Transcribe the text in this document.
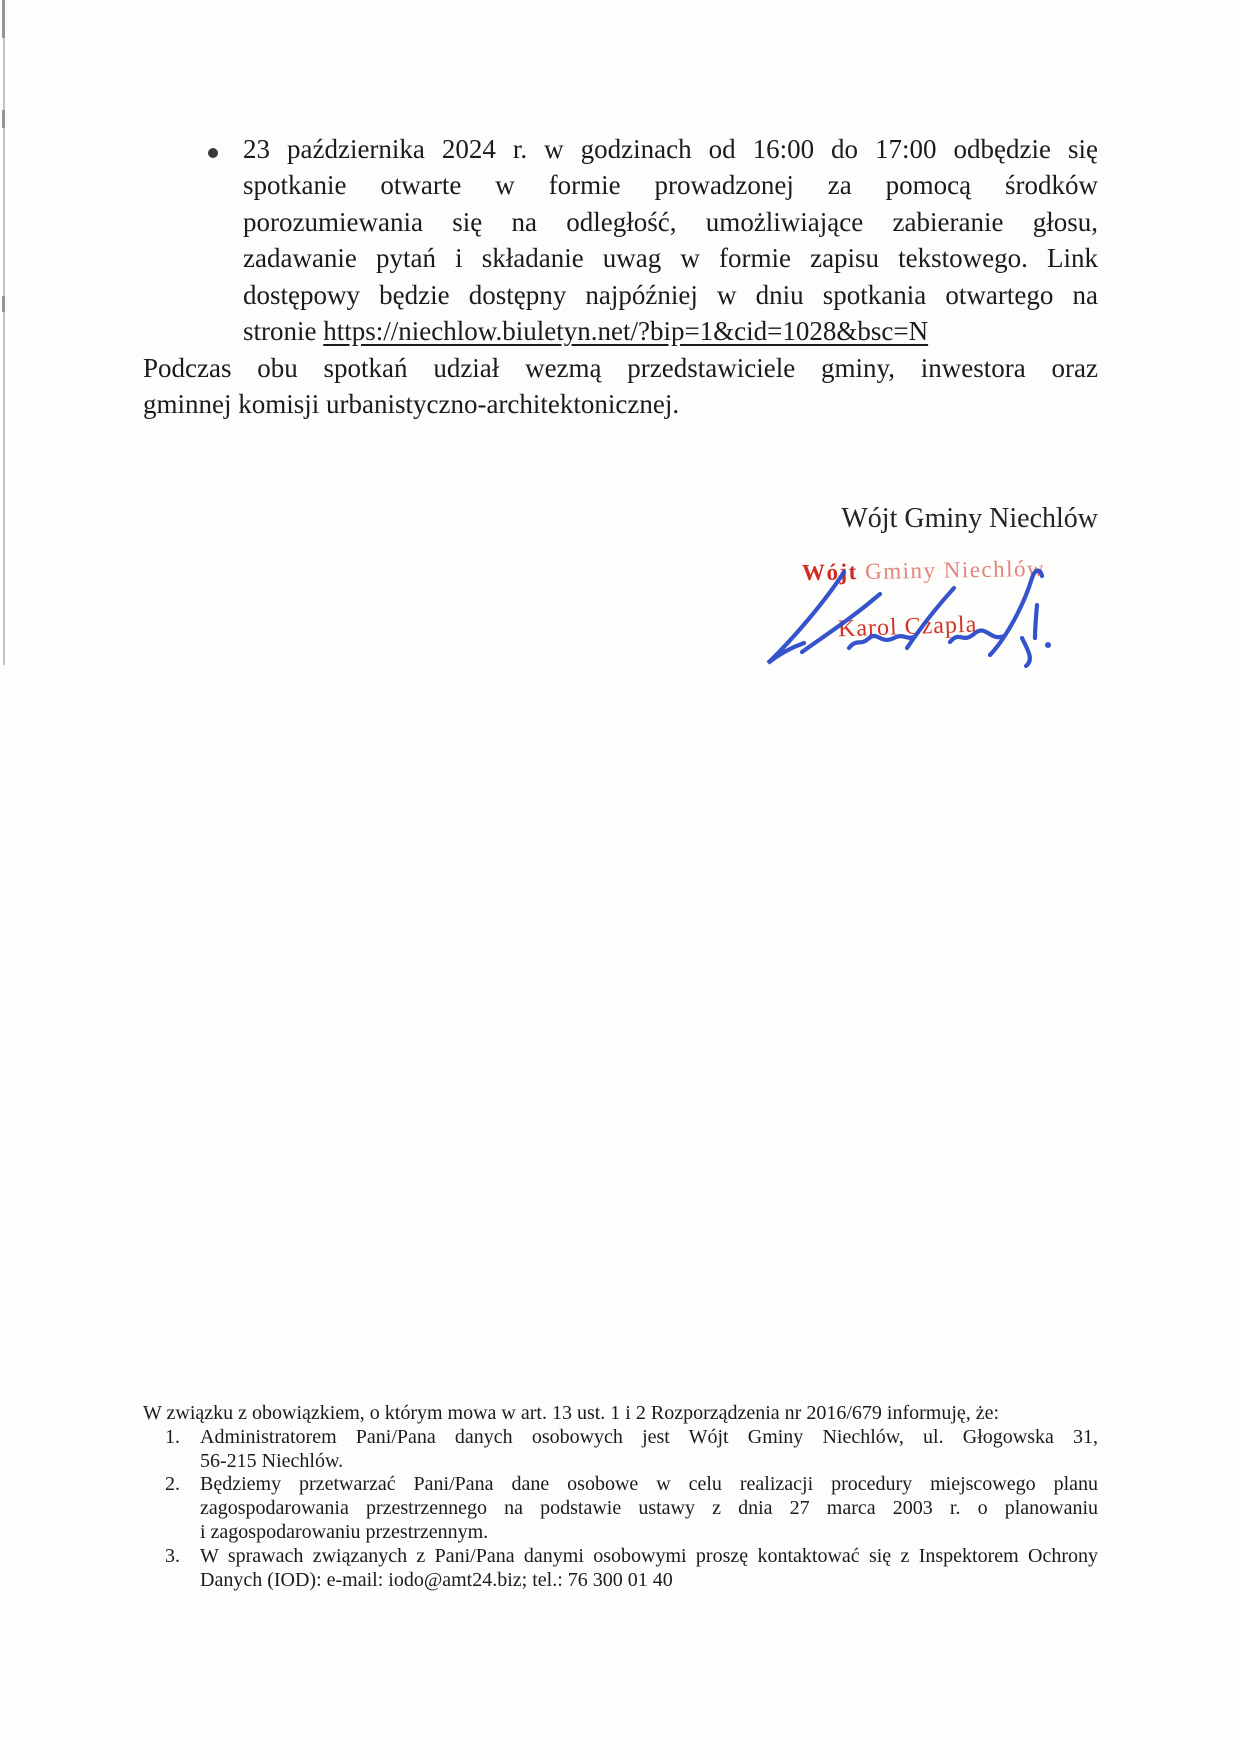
23 października 2024 r. w godzinach od 16:00 do 17:00 odbędzie się
spotkanie otwarte w formie prowadzonej za pomocą środków
porozumiewania się na odległość, umożliwiające zabieranie głosu,
zadawanie pytań i składanie uwag w formie zapisu tekstowego. Link
dostępowy będzie dostępny najpóźniej w dniu spotkania otwartego na
stronie https://niechlow.biuletyn.net/?bip=1&cid=1028&bsc=N
Podczas obu spotkań udział wezmą przedstawiciele gminy, inwestora oraz
gminnej komisji urbanistyczno-architektonicznej.
Wójt Gminy Niechlów
Wójt Gminy Niechlów
Karol Czapla
W związku z obowiązkiem, o którym mowa w art. 13 ust. 1 i 2 Rozporządzenia nr 2016/679 informuję, że:
1.	Administratorem Pani/Pana danych osobowych jest Wójt Gminy Niechlów, ul. Głogowska 31,
56-215 Niechlów.
2.	Będziemy przetwarzać Pani/Pana dane osobowe w celu realizacji procedury miejscowego planu
zagospodarowania przestrzennego na podstawie ustawy z dnia 27 marca 2003 r. o planowaniu
i zagospodarowaniu przestrzennym.
3.	W sprawach związanych z Pani/Pana danymi osobowymi proszę kontaktować się z Inspektorem Ochrony
Danych (IOD): e-mail: iodo@amt24.biz; tel.: 76 300 01 40
